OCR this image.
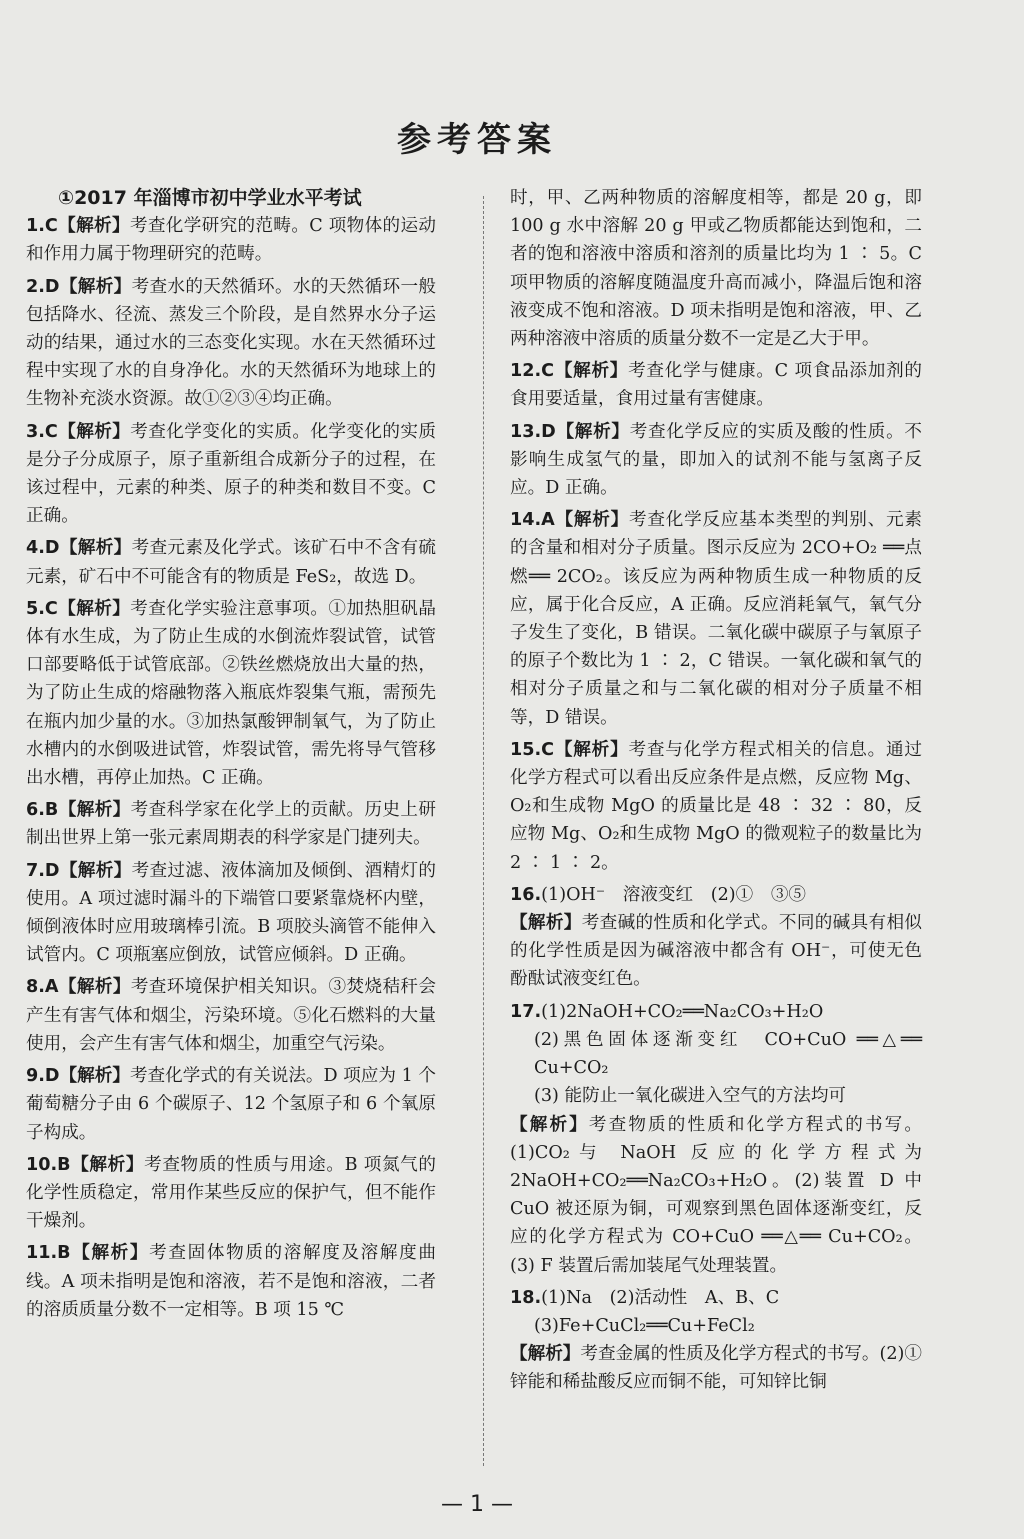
参考答案
①2017 年淄博市初中学业水平考试
1.C【解析】考查化学研究的范畴。C 项物体的运动和作用力属于物理研究的范畴。
2.D【解析】考查水的天然循环。水的天然循环一般包括降水、径流、蒸发三个阶段，是自然界水分子运动的结果，通过水的三态变化实现。水在天然循环过程中实现了水的自身净化。水的天然循环为地球上的生物补充淡水资源。故①②③④均正确。
3.C【解析】考查化学变化的实质。化学变化的实质是分子分成原子，原子重新组合成新分子的过程，在该过程中，元素的种类、原子的种类和数目不变。C 正确。
4.D【解析】考查元素及化学式。该矿石中不含有硫元素，矿石中不可能含有的物质是 FeS₂，故选 D。
5.C【解析】考查化学实验注意事项。①加热胆矾晶体有水生成，为了防止生成的水倒流炸裂试管，试管口部要略低于试管底部。②铁丝燃烧放出大量的热，为了防止生成的熔融物落入瓶底炸裂集气瓶，需预先在瓶内加少量的水。③加热氯酸钾制氧气，为了防止水槽内的水倒吸进试管，炸裂试管，需先将导气管移出水槽，再停止加热。C 正确。
6.B【解析】考查科学家在化学上的贡献。历史上研制出世界上第一张元素周期表的科学家是门捷列夫。
7.D【解析】考查过滤、液体滴加及倾倒、酒精灯的使用。A 项过滤时漏斗的下端管口要紧靠烧杯内壁，倾倒液体时应用玻璃棒引流。B 项胶头滴管不能伸入试管内。C 项瓶塞应倒放，试管应倾斜。D 正确。
8.A【解析】考查环境保护相关知识。③焚烧秸秆会产生有害气体和烟尘，污染环境。⑤化石燃料的大量使用，会产生有害气体和烟尘，加重空气污染。
9.D【解析】考查化学式的有关说法。D 项应为 1 个葡萄糖分子由 6 个碳原子、12 个氢原子和 6 个氧原子构成。
10.B【解析】考查物质的性质与用途。B 项氮气的化学性质稳定，常用作某些反应的保护气，但不能作干燥剂。
11.B【解析】考查固体物质的溶解度及溶解度曲线。A 项未指明是饱和溶液，若不是饱和溶液，二者的溶质质量分数不一定相等。B 项 15 ℃
时，甲、乙两种物质的溶解度相等，都是 20 g，即 100 g 水中溶解 20 g 甲或乙物质都能达到饱和，二者的饱和溶液中溶质和溶剂的质量比均为 1 ∶ 5。C 项甲物质的溶解度随温度升高而减小，降温后饱和溶液变成不饱和溶液。D 项未指明是饱和溶液，甲、乙两种溶液中溶质的质量分数不一定是乙大于甲。
12.C【解析】考查化学与健康。C 项食品添加剂的食用要适量，食用过量有害健康。
13.D【解析】考查化学反应的实质及酸的性质。不影响生成氢气的量，即加入的试剂不能与氢离子反应。D 正确。
14.A【解析】考查化学反应基本类型的判别、元素的含量和相对分子质量。图示反应为 2CO+O₂ ══点燃══ 2CO₂。该反应为两种物质生成一种物质的反应，属于化合反应，A 正确。反应消耗氧气，氧气分子发生了变化，B 错误。二氧化碳中碳原子与氧原子的原子个数比为 1 ∶ 2，C 错误。一氧化碳和氧气的相对分子质量之和与二氧化碳的相对分子质量不相等，D 错误。
15.C【解析】考查与化学方程式相关的信息。通过化学方程式可以看出反应条件是点燃，反应物 Mg、O₂和生成物 MgO 的质量比是 48 ∶ 32 ∶ 80，反应物 Mg、O₂和生成物 MgO 的微观粒子的数量比为 2 ∶ 1 ∶ 2。
16.(1)OH⁻　溶液变红　(2)①　③⑤
【解析】考查碱的性质和化学式。不同的碱具有相似的化学性质是因为碱溶液中都含有 OH⁻，可使无色酚酞试液变红色。
17.(1)2NaOH+CO₂══Na₂CO₃+H₂O
(2)黑色固体逐渐变红　CO+CuO ══△══ Cu+CO₂
(3) 能防止一氧化碳进入空气的方法均可
【解析】考查物质的性质和化学方程式的书写。(1)CO₂与 NaOH 反应的化学方程式为 2NaOH+CO₂══Na₂CO₃+H₂O。(2)装置 D 中 CuO 被还原为铜，可观察到黑色固体逐渐变红，反应的化学方程式为 CO+CuO ══△══ Cu+CO₂。(3) F 装置后需加装尾气处理装置。
18.(1)Na　(2)活动性　A、B、C
(3)Fe+CuCl₂══Cu+FeCl₂
【解析】考查金属的性质及化学方程式的书写。(2)①锌能和稀盐酸反应而铜不能，可知锌比铜
— 1 —
